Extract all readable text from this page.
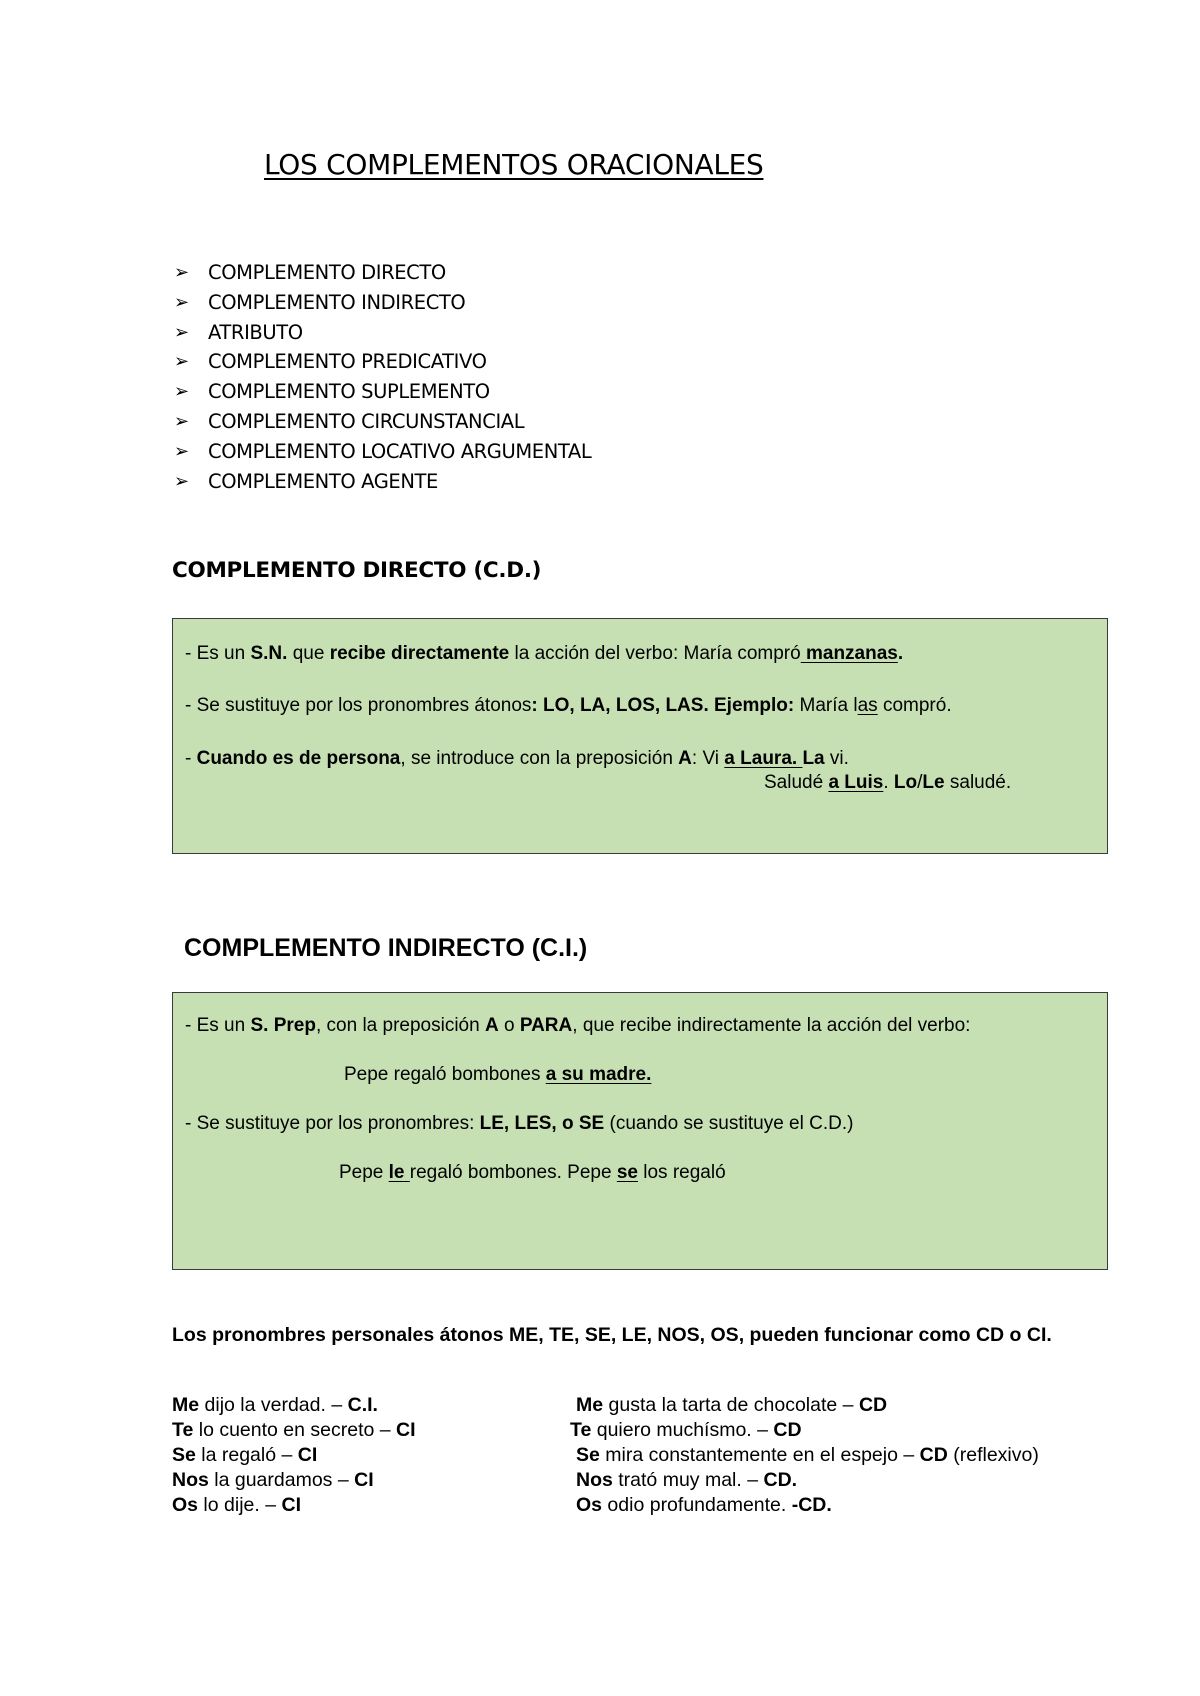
LOS COMPLEMENTOS ORACIONALES
➢ COMPLEMENTO DIRECTO
➢ COMPLEMENTO INDIRECTO
➢ ATRIBUTO
➢ COMPLEMENTO PREDICATIVO
➢ COMPLEMENTO SUPLEMENTO
➢ COMPLEMENTO CIRCUNSTANCIAL
➢ COMPLEMENTO LOCATIVO ARGUMENTAL
➢ COMPLEMENTO AGENTE
COMPLEMENTO DIRECTO (C.D.)
- Es un S.N. que recibe directamente la acción del verbo: María compró manzanas.
- Se sustituye por los pronombres átonos: LO, LA, LOS, LAS. Ejemplo: María las compró.
- Cuando es de persona, se introduce con la preposición A: Vi a Laura. La vi.
Saludé a Luis. Lo/Le saludé.
COMPLEMENTO INDIRECTO (C.I.)
- Es un S. Prep, con la preposición A o PARA, que recibe indirectamente la acción del verbo:
Pepe regaló bombones a su madre.
- Se sustituye por los pronombres: LE, LES, o SE (cuando se sustituye el C.D.)
Pepe le regaló bombones. Pepe se los regaló
Los pronombres personales átonos ME, TE, SE, LE, NOS, OS, pueden funcionar como CD o CI.
Me dijo la verdad. – C.I.
Te lo cuento en secreto – CI
Se la regaló – CI
Nos la guardamos – CI
Os lo dije. – CI
Me gusta la tarta de chocolate – CD
Te quiero muchísmo. – CD
Se mira constantemente en el espejo – CD (reflexivo)
Nos trató muy mal. – CD.
Os odio profundamente. -CD.
